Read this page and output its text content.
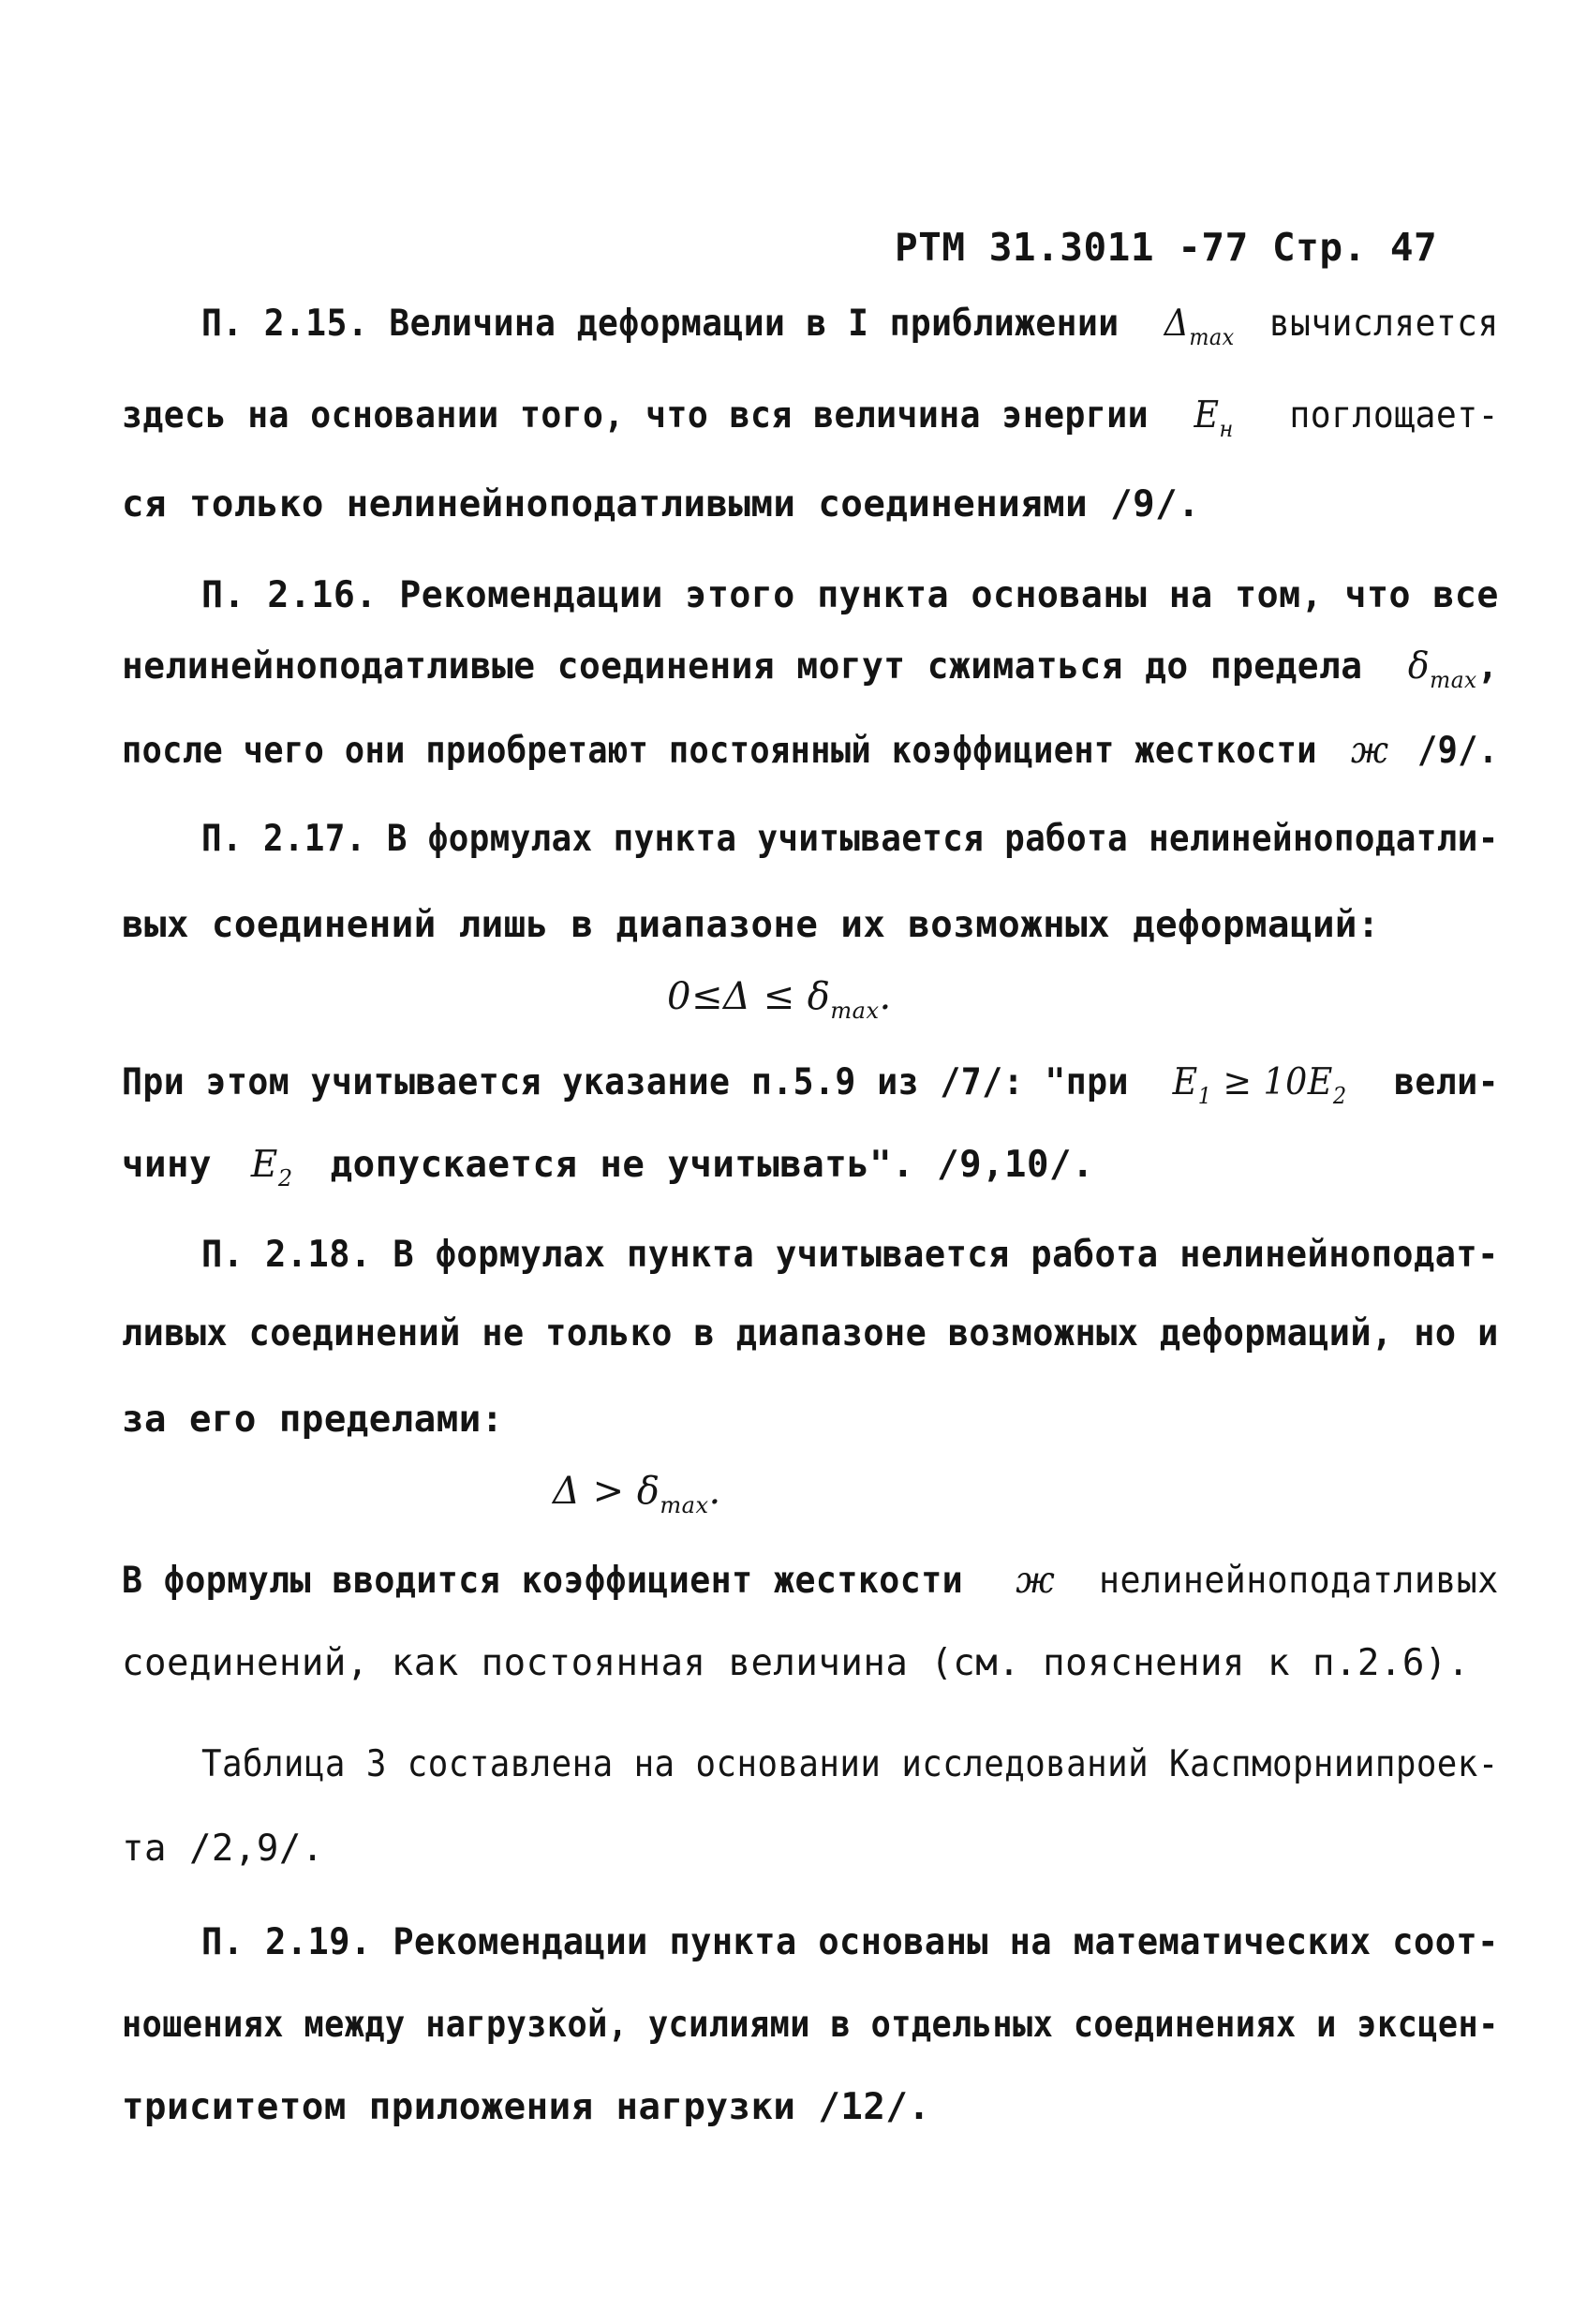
РТМ 31.3011 -77 Стр. 47
П. 2.15. Величина деформации в I приближении $\Delta_{max}$ вычисляется
здесь на основании того, что вся величина энергии $E_н$ поглощает-
ся только нелинейноподатливыми соединениями /9/.
П. 2.16. Рекомендации этого пункта основаны на том, что все
нелинейноподатливые соединения могут сжиматься до предела $\delta_{max}$,
после чего они приобретают постоянный коэффициент жесткости ж /9/.
П. 2.17. В формулах пункта учитывается работа нелинейноподатли-
вых соединений лишь в диапазоне их возможных деформаций:
$0\le\Delta \le \delta_{max}$.
При этом учитывается указание п.5.9 из /7/: "при $E_1 \ge 10E_2$ вели-
чину $E_2$ допускается не учитывать". /9,10/.
П. 2.18. В формулах пункта учитывается работа нелинейноподат-
ливых соединений не только в диапазоне возможных деформаций, но и
за его пределами:
$\Delta > \delta_{max}$.
В формулы вводится коэффициент жесткости ж нелинейноподатливых
соединений, как постоянная величина (см. пояснения к п.2.6).
Таблица 3 составлена на основании исследований Каспморниипроек-
та /2,9/.
П. 2.19. Рекомендации пункта основаны на математических соот-
ношениях между нагрузкой, усилиями в отдельных соединениях и эксцен-
триситетом приложения нагрузки /12/.
